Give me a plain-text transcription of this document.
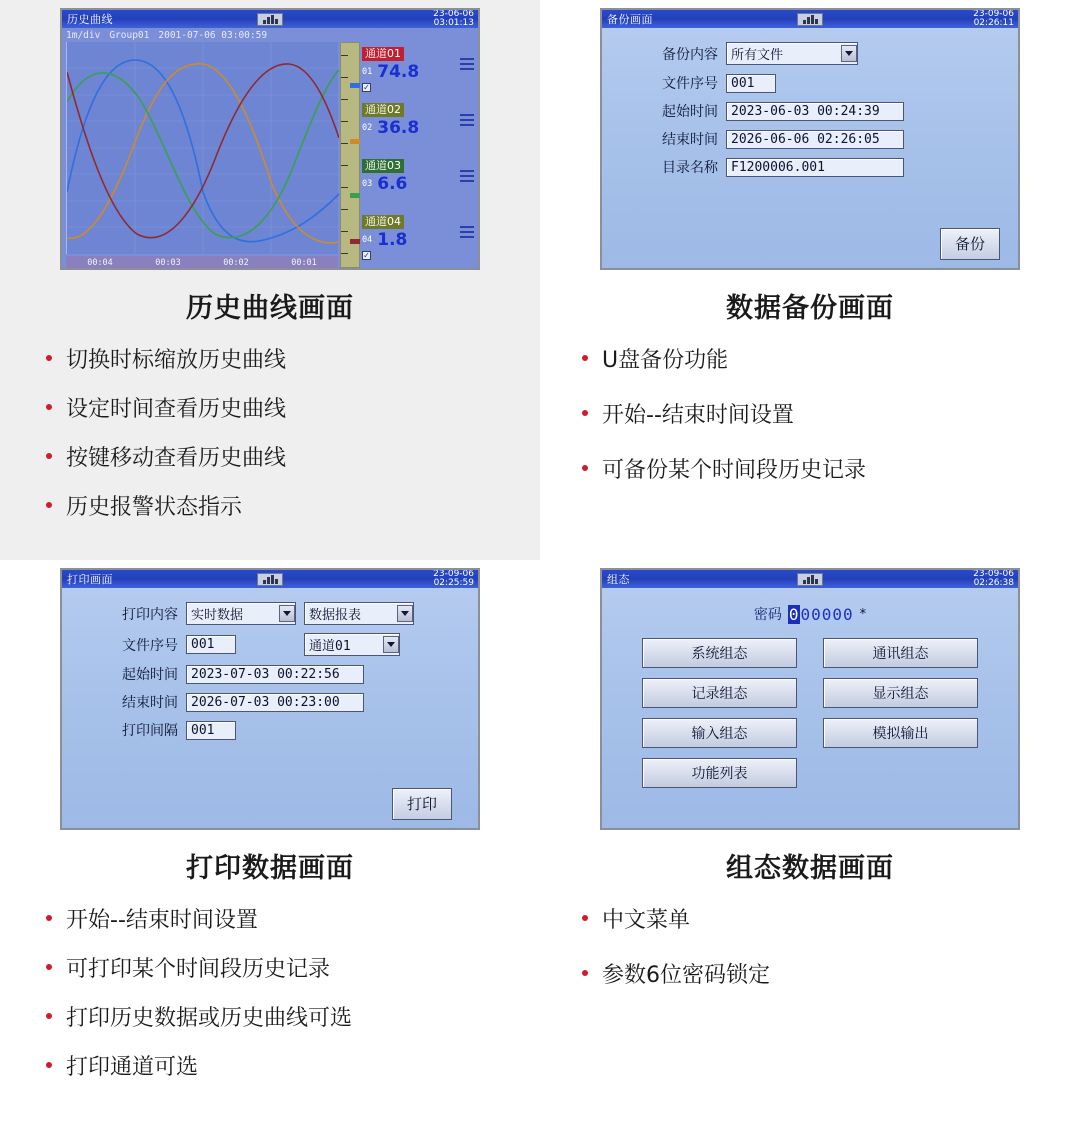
历史曲线	23-06-06
03:01:13
1m/div Group01 2001-07-06 03:00:59
00:04	00:03	00:02	00:01
通道01
01 74.8
✓
通道02
02 36.8
通道03
03 6.6
通道04
04 1.8
✓
历史曲线画面
切换时标缩放历史曲线
设定时间查看历史曲线
按键移动查看历史曲线
历史报警状态指示
备份画面	23-09-06
02:26:11
备份内容	所有文件
文件序号	001
起始时间	2023-06-03 00:24:39
结束时间	2026-06-06 02:26:05
目录名称	F1200006.001
备份
数据备份画面
U盘备份功能
开始--结束时间设置
可备份某个时间段历史记录
打印画面	23-09-06
02:25:59
打印内容	实时数据	数据报表
文件序号	001	通道01
起始时间	2023-07-03 00:22:56
结束时间	2026-07-03 00:23:00
打印间隔	001
打印
打印数据画面
开始--结束时间设置
可打印某个时间段历史记录
打印历史数据或历史曲线可选
打印通道可选
组态	23-09-06
02:26:38
密码 000000 *
系统组态	通讯组态
记录组态	显示组态
输入组态	模拟输出
功能列表
组态数据画面
中文菜单
参数6位密码锁定
